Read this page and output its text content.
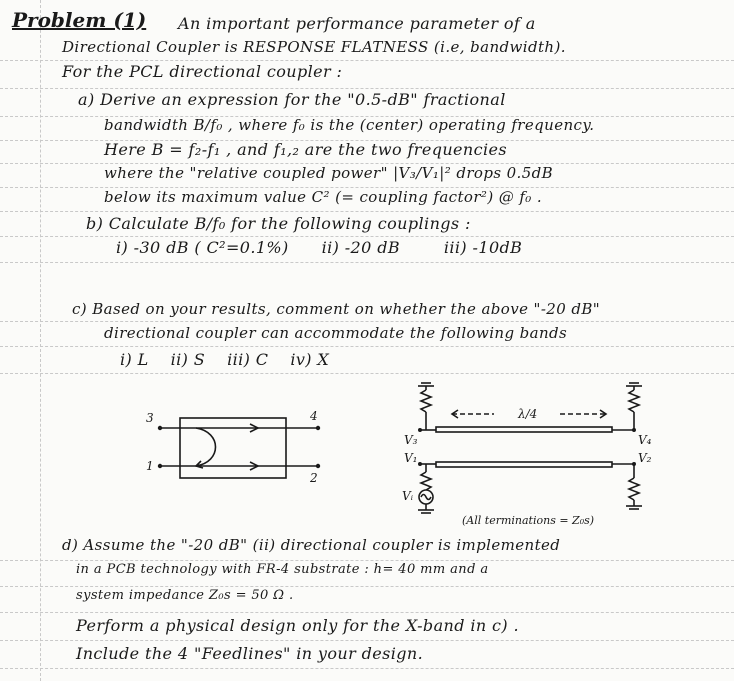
Problem (1) An important performance parameter of a
Directional Coupler is RESPONSE FLATNESS (i.e, bandwidth).
For the PCL directional coupler :
a) Derive an expression for the "0.5-dB" fractional
bandwidth B/f₀ , where f₀ is the (center) operating frequency.
Here B = f₂-f₁ , and f₁,₂ are the two frequencies
where the "relative coupled power" |V₃/V₁|² drops 0.5dB
below its maximum value C² (= coupling factor²) @ f₀ .
b) Calculate B/f₀ for the following couplings :
i) -30 dB ( C²=0.1%)      ii) -20 dB        iii) -10dB
c) Based on your results, comment on whether the above "-20 dB"
directional coupler can accommodate the following bands
i) L    ii) S    iii) C    iv) X
3	4
1
2
V₃	V₄
V₁	V₂
Vᵢ
λ/4
(All terminations = Z₀s)
d) Assume the "-20 dB" (ii) directional coupler is implemented
in a PCB technology with FR-4 substrate : h= 40 mm and a
system impedance Z₀s = 50 Ω .
Perform a physical design only for the X-band in c) .
Include the 4 "Feedlines" in your design.
